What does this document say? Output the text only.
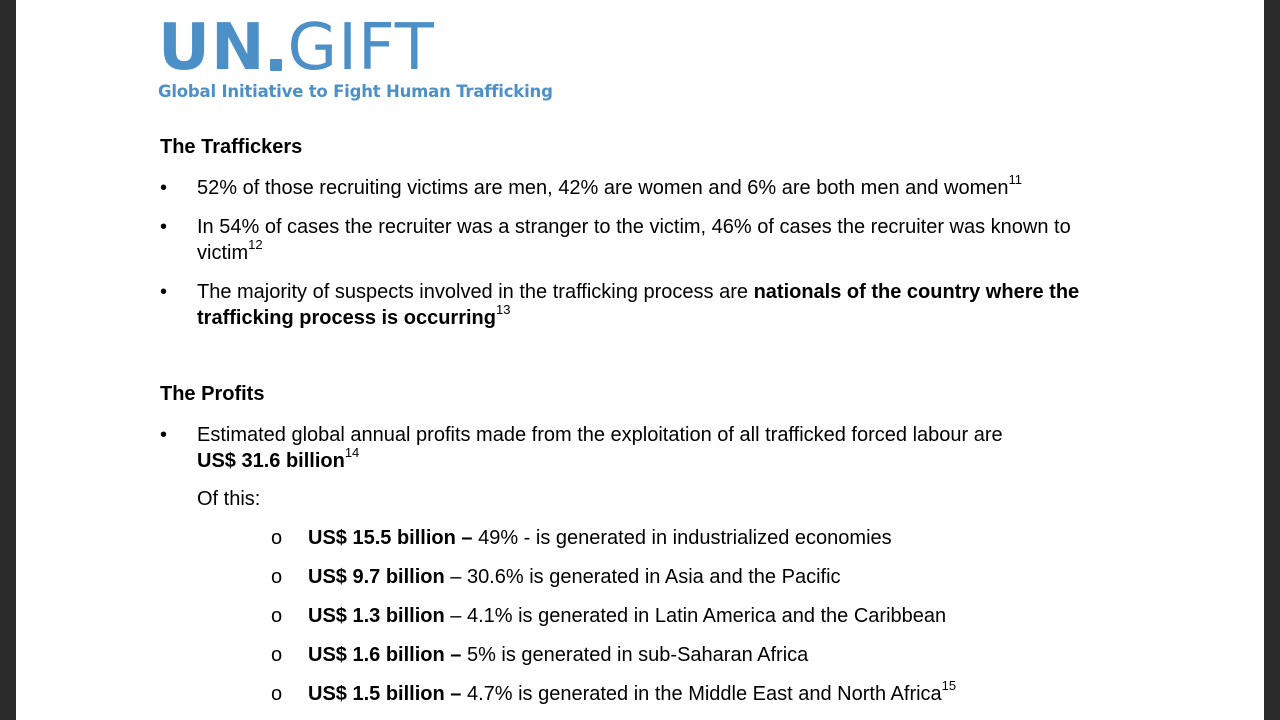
UN GIFT
Global Initiative to Fight Human Trafficking
The Traffickers
• 52% of those recruiting victims are men, 42% are women and 6% are both men and women$^{11}$
• In 54% of cases the recruiter was a stranger to the victim, 46% of cases the recruiter was known to victim$^{12}$
• The majority of suspects involved in the trafficking process are nationals of the country where the trafficking process is occurring$^{13}$
The Profits
• Estimated global annual profits made from the exploitation of all trafficked forced labour are
US$ 31.6 billion$^{14}$
Of this:
o US$ 15.5 billion – 49% - is generated in industrialized economies
o US$ 9.7 billion – 30.6% is generated in Asia and the Pacific
o US$ 1.3 billion – 4.1% is generated in Latin America and the Caribbean
o US$ 1.6 billion – 5% is generated in sub-Saharan Africa
o US$ 1.5 billion – 4.7% is generated in the Middle East and North Africa$^{15}$
